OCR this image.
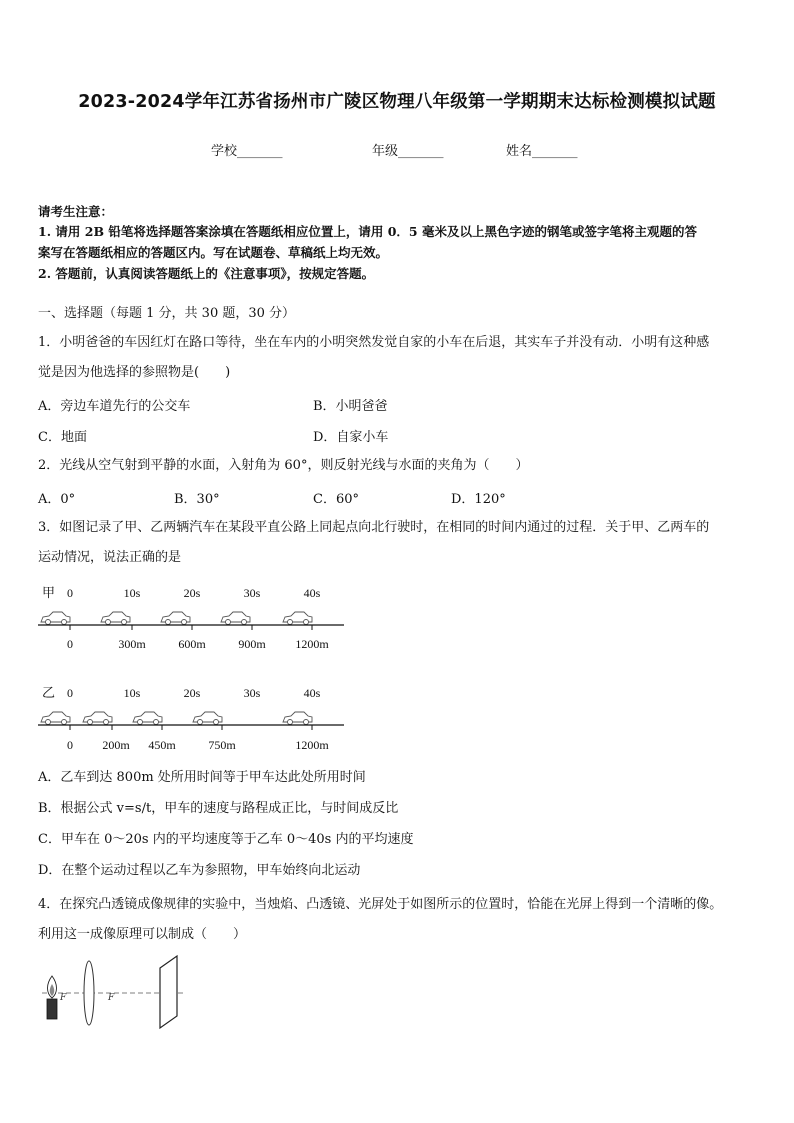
2023-2024学年江苏省扬州市广陵区物理八年级第一学期期末达标检测模拟试题
学校_______	年级_______	姓名_______
请考生注意：
1. 请用 2B 铅笔将选择题答案涂填在答题纸相应位置上，请用 0．5 毫米及以上黑色字迹的钢笔或签字笔将主观题的答
案写在答题纸相应的答题区内。写在试题卷、草稿纸上均无效。
2. 答题前，认真阅读答题纸上的《注意事项》，按规定答题。
一、选择题（每题 1 分，共 30 题，30 分）
1．小明爸爸的车因红灯在路口等待，坐在车内的小明突然发觉自家的小车在后退，其实车子并没有动．小明有这种感
觉是因为他选择的参照物是(　　)
A．旁边车道先行的公交车	B．小明爸爸
C．地面	D．自家小车
2．光线从空气射到平静的水面，入射角为 60°，则反射光线与水面的夹角为（　　）
A．0°	B．30°	C．60°	D．120°
3．如图记录了甲、乙两辆汽车在某段平直公路上同起点向北行驶时，在相同的时间内通过的过程．关于甲、乙两车的
运动情况，说法正确的是
甲 0	10s	20s	30s	40s
0	300m	600m	900m 1200m
乙 0	10s	20s	30s	40s
0 200m 450m	750m	1200m
A．乙车到达 800m 处所用时间等于甲车达此处所用时间
B．根据公式 v=s/t，甲车的速度与路程成正比，与时间成反比
C．甲车在 0～20s 内的平均速度等于乙车 0～40s 内的平均速度
D．在整个运动过程以乙车为参照物，甲车始终向北运动
4．在探究凸透镜成像规律的实验中，当烛焰、凸透镜、光屏处于如图所示的位置时，恰能在光屏上得到一个清晰的像。
利用这一成像原理可以制成（　　）
F	F
